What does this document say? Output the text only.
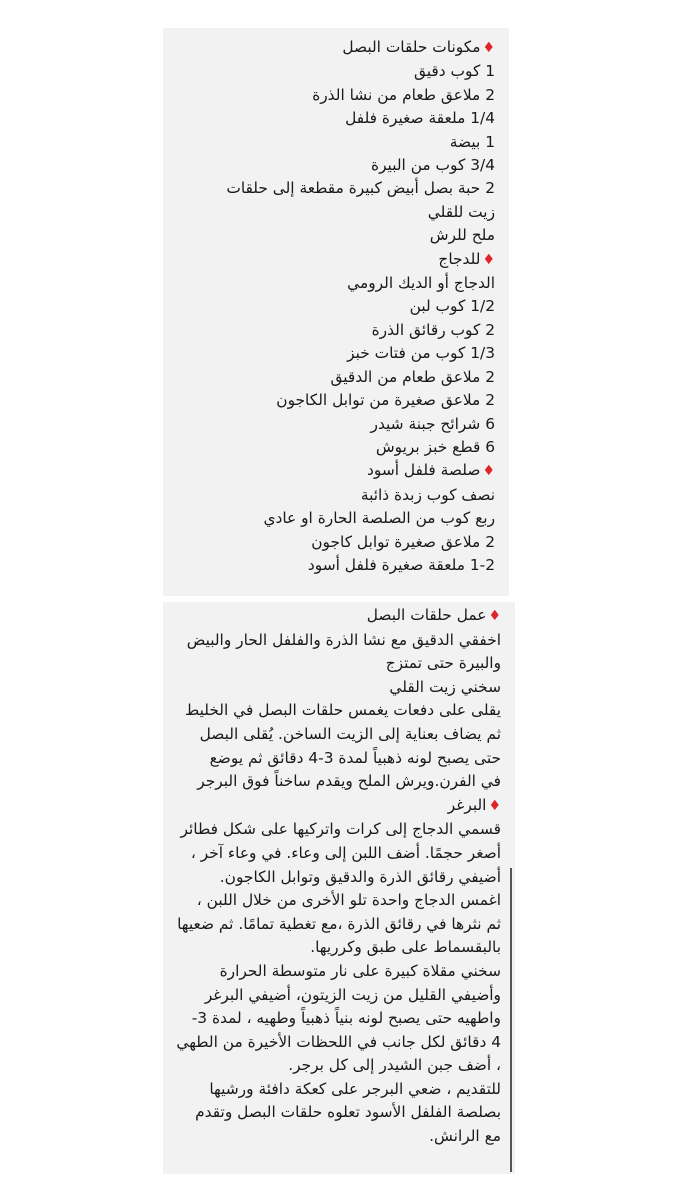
♦مكونات حلقات البصل
1 كوب دقيق
2 ملاعق طعام من نشا الذرة
1/4 ملعقة صغيرة فلفل
1 بيضة
3/4 كوب من البيرة
2 حبة بصل أبيض كبيرة مقطعة إلى حلقات
زيت للقلي
ملح للرش
♦للدجاج
الدجاج أو الديك الرومي
1/2 كوب لبن
2 كوب رقائق الذرة
1/3 كوب من فتات خبز
2 ملاعق طعام من الدقيق
2 ملاعق صغيرة من توابل الكاجون
6 شرائح جبنة شيدر
6 قطع خبز بريوش
♦صلصة فلفل أسود
نصف كوب زبدة ذائبة
ربع كوب من الصلصة الحارة او عادي
2 ملاعق صغيرة توابل كاجون
1-2 ملعقة صغيرة فلفل أسود
♦عمل حلقات البصل
اخفقي الدقيق مع نشا الذرة والفلفل الحار والبيض
والبيرة حتى تمتزج
سخني زيت القلي
يقلى على دفعات يغمس حلقات البصل في الخليط
ثم يضاف بعناية إلى الزيت الساخن. يُقلى البصل
حتى يصبح لونه ذهبياً لمدة 3-4 دقائق ثم يوضع
في الفرن.ويرش الملح ويقدم ساخناً فوق البرجر
♦البرغر
قسمي الدجاج إلى كرات واتركيها على شكل فطائر
أصغر حجمًا. أضف اللبن إلى وعاء. في وعاء آخر ،
أضيفي رقائق الذرة والدقيق وتوابل الكاجون.
اغمس الدجاج واحدة تلو الأخرى من خلال اللبن ،
ثم نثرها في رقائق الذرة ،مع تغطية تمامًا. ثم ضعيها
بالبقسماط على طبق وكرريها.
سخني مقلاة كبيرة على نار متوسطة الحرارة
وأضيفي القليل من زيت الزيتون، أضيفي البرغر
واطهيه حتى يصبح لونه بنياً ذهبياً وطهيه ، لمدة 3-
4 دقائق لكل جانب في اللحظات الأخيرة من الطهي
، أضف جبن الشيدر إلى كل برجر.
للتقديم ، ضعي البرجر على كعكة دافئة ورشيها
بصلصة الفلفل الأسود تعلوه حلقات البصل وتقدم
مع الرانش.
